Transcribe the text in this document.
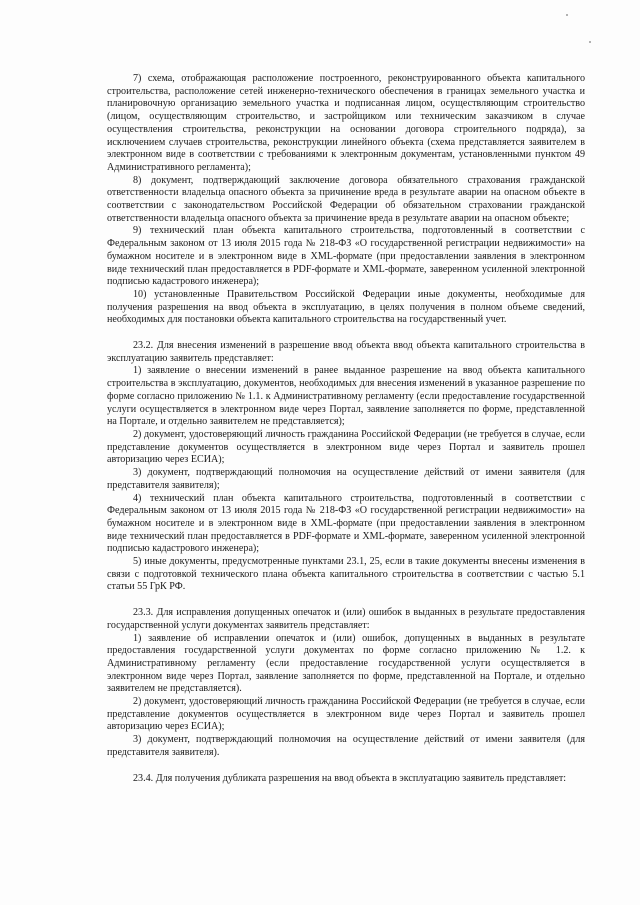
7) схема, отображающая расположение построенного, реконструированного объекта капитального строительства, расположение сетей инженерно-технического обеспечения в границах земельного участка и планировочную организацию земельного участка и подписанная лицом, осуществляющим строительство (лицом, осуществляющим строительство, и застройщиком или техническим заказчиком в случае осуществления строительства, реконструкции на основании договора строительного подряда), за исключением случаев строительства, реконструкции линейного объекта (схема представляется заявителем в электронном виде в соответствии с требованиями к электронным документам, установленными пунктом 49 Административного регламента);

8) документ, подтверждающий заключение договора обязательного страхования гражданской ответственности владельца опасного объекта за причинение вреда в результате аварии на опасном объекте в соответствии с законодательством Российской Федерации об обязательном страховании гражданской ответственности владельца опасного объекта за причинение вреда в результате аварии на опасном объекте;

9) технический план объекта капитального строительства, подготовленный в соответствии с Федеральным законом от 13 июля 2015 года № 218-ФЗ «О государственной регистрации недвижимости» на бумажном носителе и в электронном виде в XML-формате (при предоставлении заявления в электронном виде технический план предоставляется в PDF-формате и XML-формате, заверенном усиленной электронной подписью кадастрового инженера);

10) установленные Правительством Российской Федерации иные документы, необходимые для получения разрешения на ввод объекта в эксплуатацию, в целях получения в полном объеме сведений, необходимых для постановки объекта капитального строительства на государственный учет.

23.2. Для внесения изменений в разрешение ввод объекта ввод объекта капитального строительства в эксплуатацию заявитель представляет:

1) заявление о внесении изменений в ранее выданное разрешение на ввод объекта капитального строительства в эксплуатацию, документов, необходимых для внесения изменений в указанное разрешение по форме согласно приложению № 1.1. к Административному регламенту (если предоставление государственной услуги осуществляется в электронном виде через Портал, заявление заполняется по форме, представленной на Портале, и отдельно заявителем не представляется);

2) документ, удостоверяющий личность гражданина Российской Федерации (не требуется в случае, если представление документов осуществляется в электронном виде через Портал и заявитель прошел авторизацию через ЕСИА);

3) документ, подтверждающий полномочия на осуществление действий от имени заявителя (для представителя заявителя);

4) технический план объекта капитального строительства, подготовленный в соответствии с Федеральным законом от 13 июля 2015 года № 218-ФЗ «О государственной регистрации недвижимости» на бумажном носителе и в электронном виде в XML-формате (при предоставлении заявления в электронном виде технический план предоставляется в PDF-формате и XML-формате, заверенном усиленной электронной подписью кадастрового инженера);

5) иные документы, предусмотренные пунктами 23.1, 25, если в такие документы внесены изменения в связи с подготовкой технического плана объекта капитального строительства в соответствии с частью 5.1 статьи 55 ГрК РФ.

23.3. Для исправления допущенных опечаток и (или) ошибок в выданных в результате предоставления государственной услуги документах заявитель представляет:

1) заявление об исправлении опечаток и (или) ошибок, допущенных в выданных в результате предоставления государственной услуги документах по форме согласно приложению № 1.2. к Административному регламенту (если предоставление государственной услуги осуществляется в электронном виде через Портал, заявление заполняется по форме, представленной на Портале, и отдельно заявителем не представляется).

2) документ, удостоверяющий личность гражданина Российской Федерации (не требуется в случае, если представление документов осуществляется в электронном виде через Портал и заявитель прошел авторизацию через ЕСИА);

3) документ, подтверждающий полномочия на осуществление действий от имени заявителя (для представителя заявителя).

23.4. Для получения дубликата разрешения на ввод объекта в эксплуатацию заявитель представляет:
